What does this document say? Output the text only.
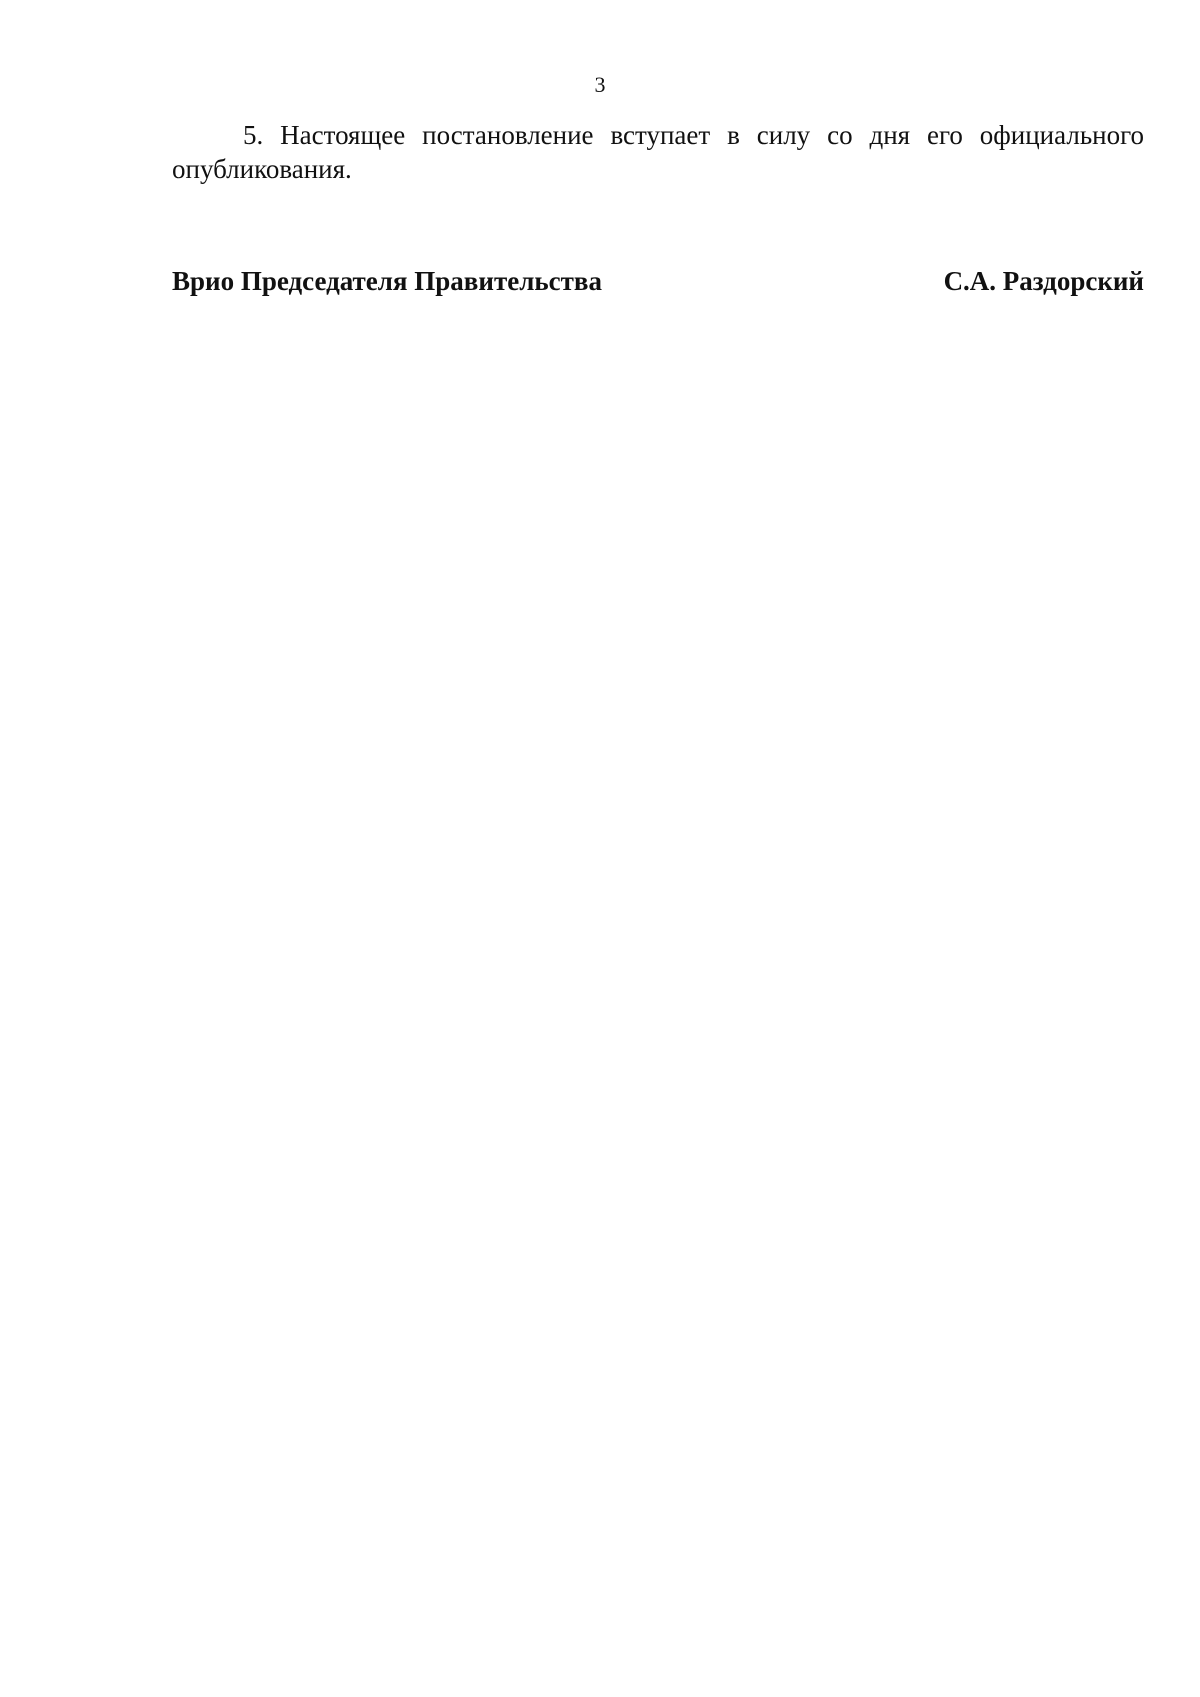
3

5. Настоящее постановление вступает в силу со дня его официального опубликования.

Врио Председателя Правительства	С.А. Раздорский
